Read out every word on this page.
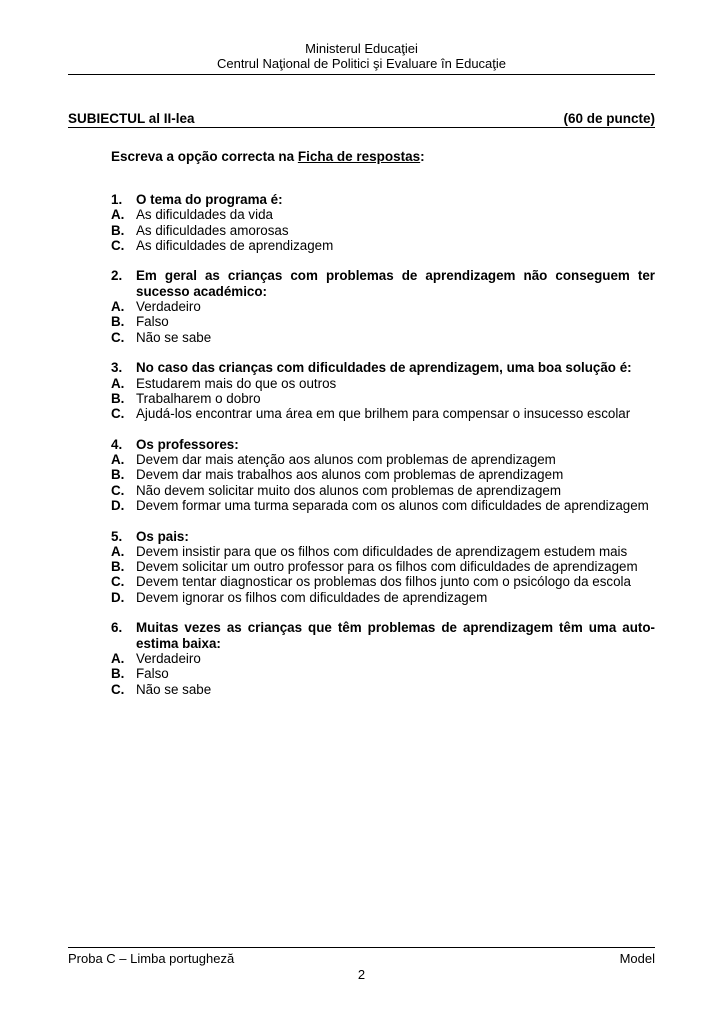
Ministerul Educaţiei
Centrul Naţional de Politici şi Evaluare în Educaţie
SUBIECTUL al II-lea	(60 de puncte)
Escreva a opção correcta na Ficha de respostas:
1.	O tema do programa é:
A. As dificuldades da vida
B. As dificuldades amorosas
C. As dificuldades de aprendizagem
2.	Em geral as crianças com problemas de aprendizagem não conseguem ter sucesso académico:
A. Verdadeiro
B. Falso
C. Não se sabe
3.	No caso das crianças com dificuldades de aprendizagem, uma boa solução é:
A. Estudarem mais do que os outros
B. Trabalharem o dobro
C. Ajudá-los encontrar uma área em que brilhem para compensar o insucesso escolar
4.	Os professores:
A. Devem dar mais atenção aos alunos com problemas de aprendizagem
B. Devem dar mais trabalhos aos alunos com problemas de aprendizagem
C. Não devem solicitar muito dos alunos com problemas de aprendizagem
D. Devem formar uma turma separada com os alunos com dificuldades de aprendizagem
5.	Os pais:
A. Devem insistir para que os filhos com dificuldades de aprendizagem estudem mais
B. Devem solicitar um outro professor para os filhos com dificuldades de aprendizagem
C. Devem tentar diagnosticar os problemas dos filhos junto com o psicólogo da escola
D. Devem ignorar os filhos com dificuldades de aprendizagem
6.	Muitas vezes as crianças que têm problemas de aprendizagem têm uma auto-estima baixa:
A. Verdadeiro
B. Falso
C. Não se sabe
Proba C – Limba portugheză	Model
2
